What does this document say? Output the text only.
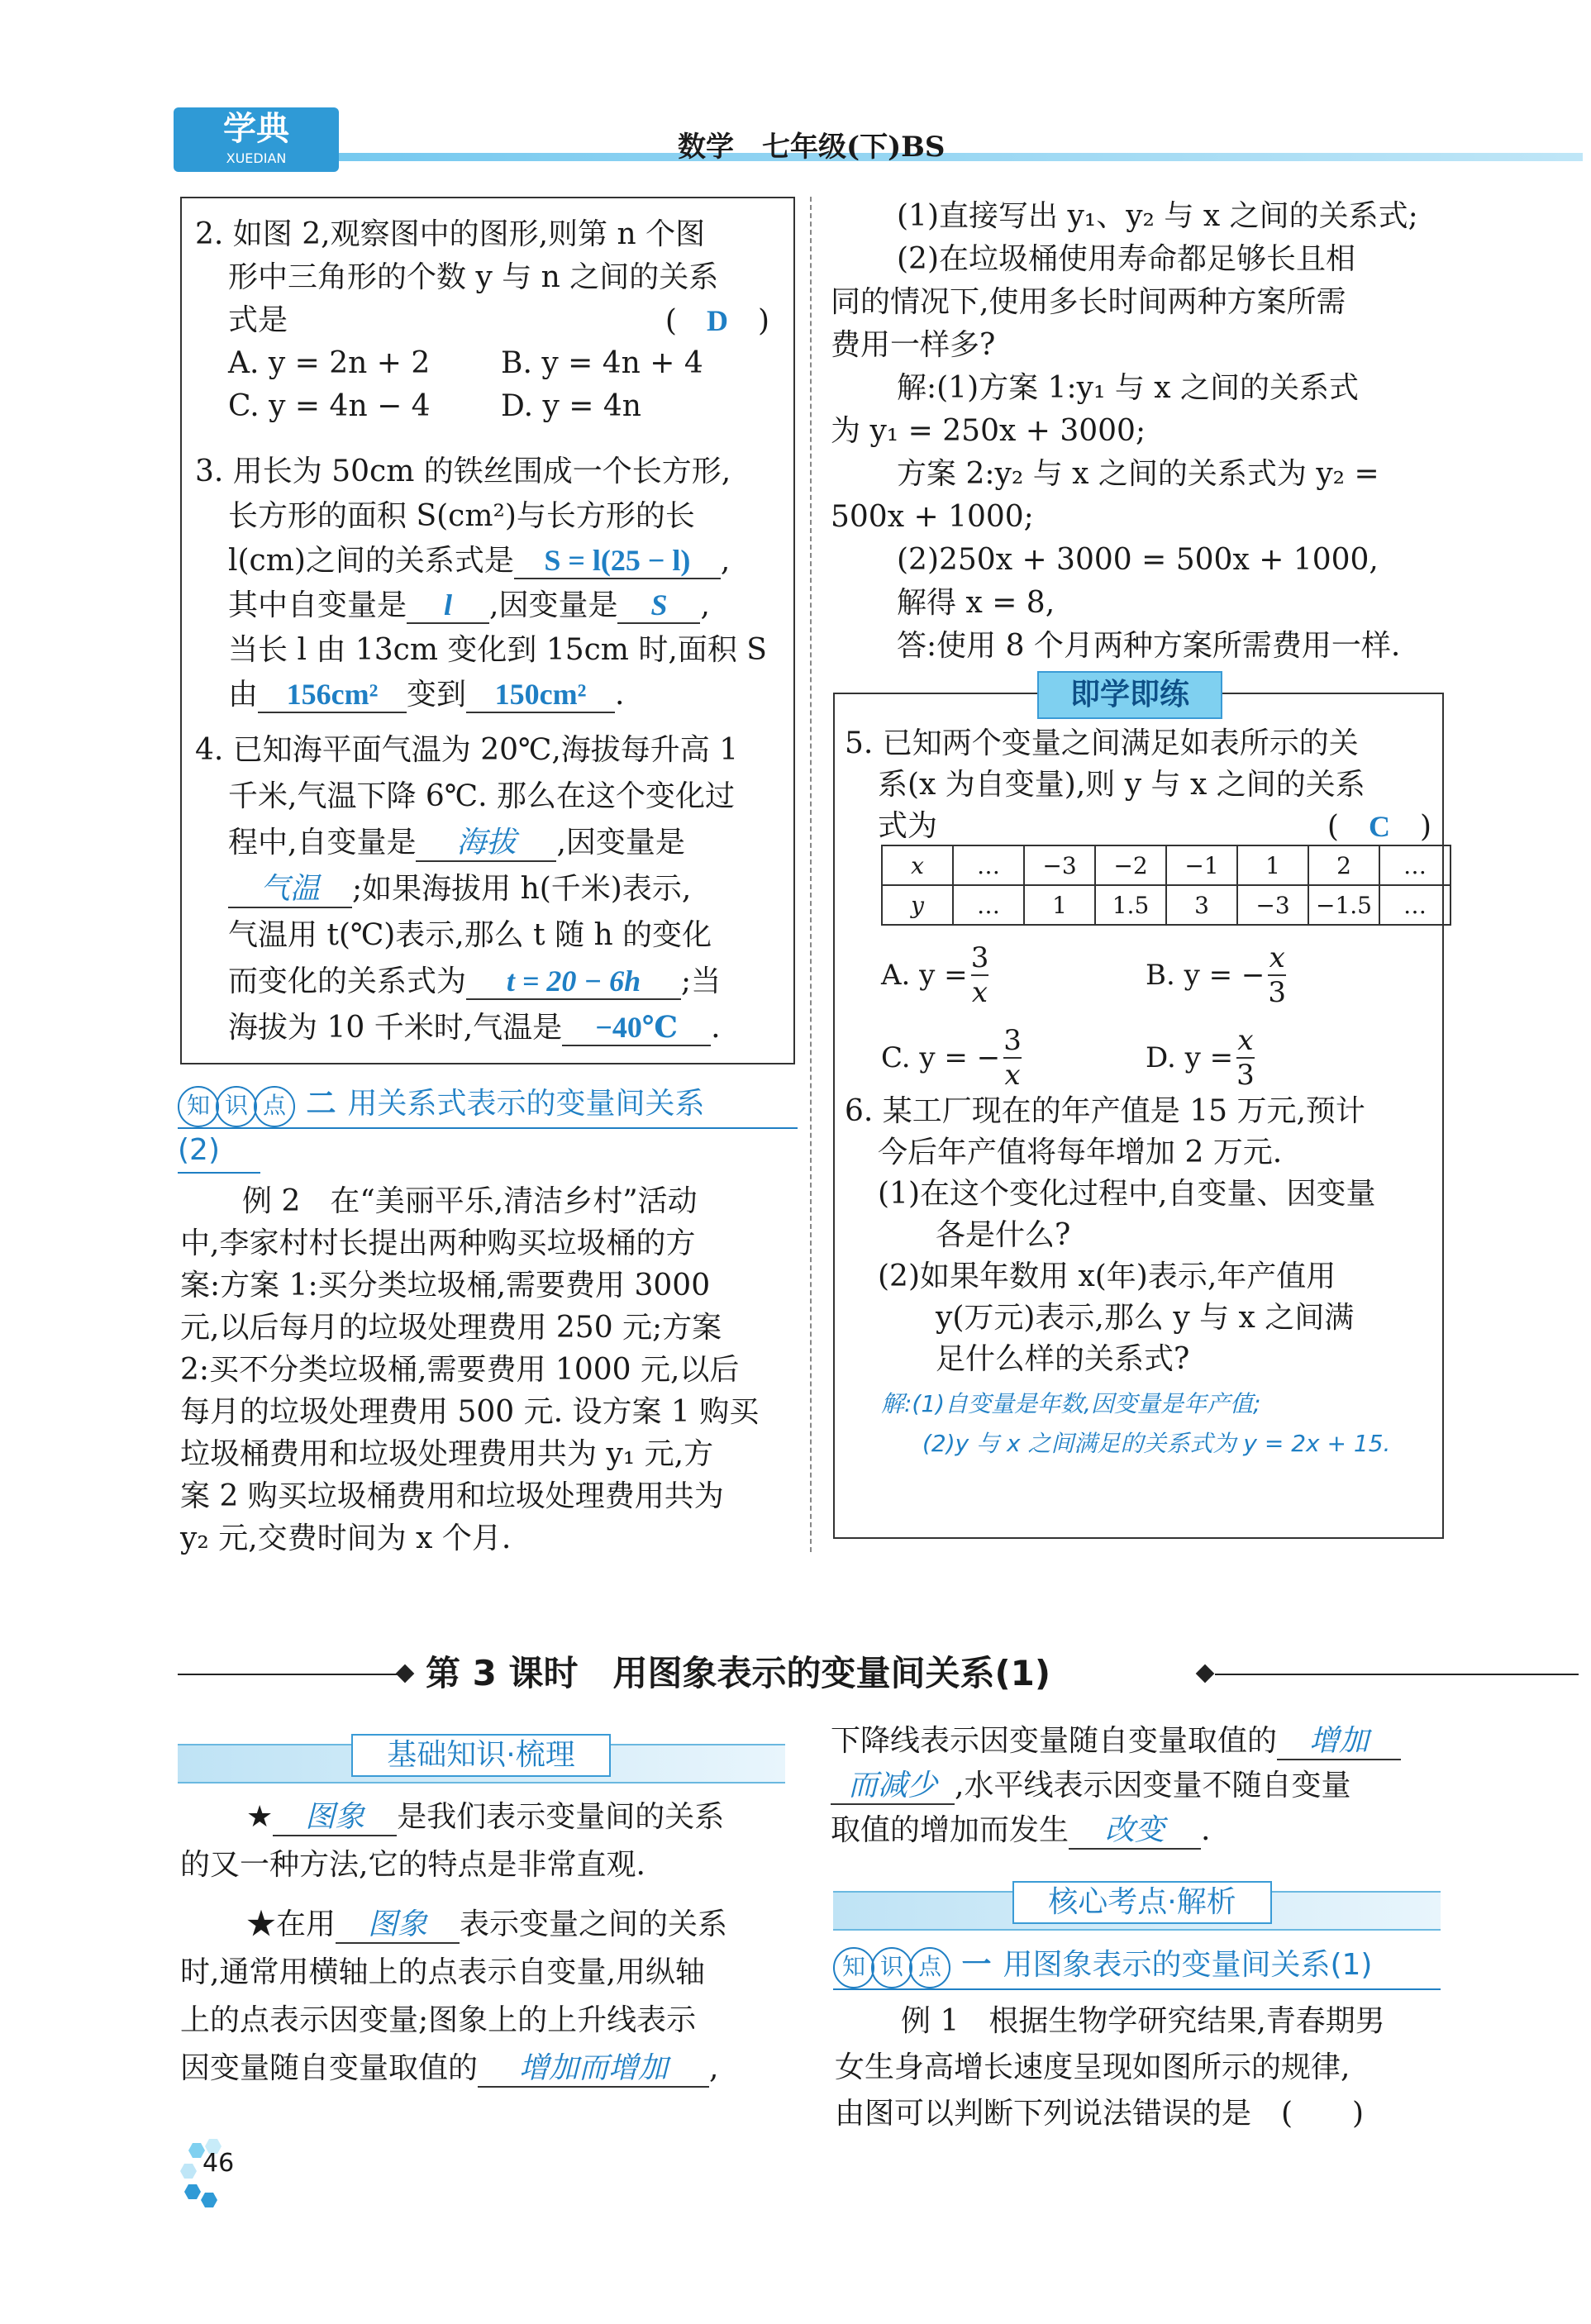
学典
XUEDIAN	数学　七年级(下)BS
2. 如图 2,观察图中的图形,则第 n 个图
形中三角形的个数 y 与 n 之间的关系
式是	(　D　)
A. y = 2n + 2	B. y = 4n + 4
C. y = 4n − 4	D. y = 4n
3. 用长为 50cm 的铁丝围成一个长方形,
长方形的面积 S(cm²)与长方形的长
l(cm)之间的关系式是 S = l(25 − l) ,
其中自变量是 l ,因变量是 S ,
当长 l 由 13cm 变化到 15cm 时,面积 S
由 156cm² 变到 150cm² .
4. 已知海平面气温为 20℃,海拔每升高 1
千米,气温下降 6℃. 那么在这个变化过
程中,自变量是 海拔 ,因变量是
气温 ;如果海拔用 h(千米)表示,
气温用 t(℃)表示,那么 t 随 h 的变化
而变化的关系式为 t = 20 − 6h ;当
海拔为 10 千米时,气温是 −40℃ .
知 识 点 二 用关系式表示的变量间关系
(2)
例 2　在“美丽平乐,清洁乡村”活动
中,李家村村长提出两种购买垃圾桶的方
案:方案 1:买分类垃圾桶,需要费用 3000
元,以后每月的垃圾处理费用 250 元;方案
2:买不分类垃圾桶,需要费用 1000 元,以后
每月的垃圾处理费用 500 元. 设方案 1 购买
垃圾桶费用和垃圾处理费用共为 y₁ 元,方
案 2 购买垃圾桶费用和垃圾处理费用共为
y₂ 元,交费时间为 x 个月.
(1)直接写出 y₁、y₂ 与 x 之间的关系式;
(2)在垃圾桶使用寿命都足够长且相
同的情况下,使用多长时间两种方案所需
费用一样多?
解:(1)方案 1:y₁ 与 x 之间的关系式
为 y₁ = 250x + 3000;
方案 2:y₂ 与 x 之间的关系式为 y₂ =
500x + 1000;
(2)250x + 3000 = 500x + 1000,
解得 x = 8,
答:使用 8 个月两种方案所需费用一样.
即学即练
5. 已知两个变量之间满足如表所示的关
系(x 为自变量),则 y 与 x 之间的关系
式为	(　C　)
x	…	−3	−2	−1	1	2	…
y	…	1	1.5	3	−3	−1.5	…
A. $y = \frac{3}{x}$	B. y = − $\frac{x}{3}$
C. y = − $\frac{3}{x}$	D. $y = \frac{x}{3}$
6. 某工厂现在的年产值是 15 万元,预计
今后年产值将每年增加 2 万元.
(1)在这个变化过程中,自变量、因变量
各是什么?
(2)如果年数用 x(年)表示,年产值用
y(万元)表示,那么 y 与 x 之间满
足什么样的关系式?
解:(1)自变量是年数,因变量是年产值;
(2)y 与 x 之间满足的关系式为 y = 2x + 15.
第 3 课时　用图象表示的变量间关系(1)
基础知识·梳理
★ 图象 是我们表示变量间的关系
的又一种方法,它的特点是非常直观.
★在用 图象 表示变量之间的关系
时,通常用横轴上的点表示自变量,用纵轴
上的点表示因变量;图象上的上升线表示
因变量随自变量取值的 增加而增加 ,
下降线表示因变量随自变量取值的 增加
而减少 ,水平线表示因变量不随自变量
取值的增加而发生 改变 .
核心考点·解析
知 识 点 一 用图象表示的变量间关系(1)
例 1　根据生物学研究结果,青春期男
女生身高增长速度呈现如图所示的规律,
由图可以判断下列说法错误的是　(　　)
46
